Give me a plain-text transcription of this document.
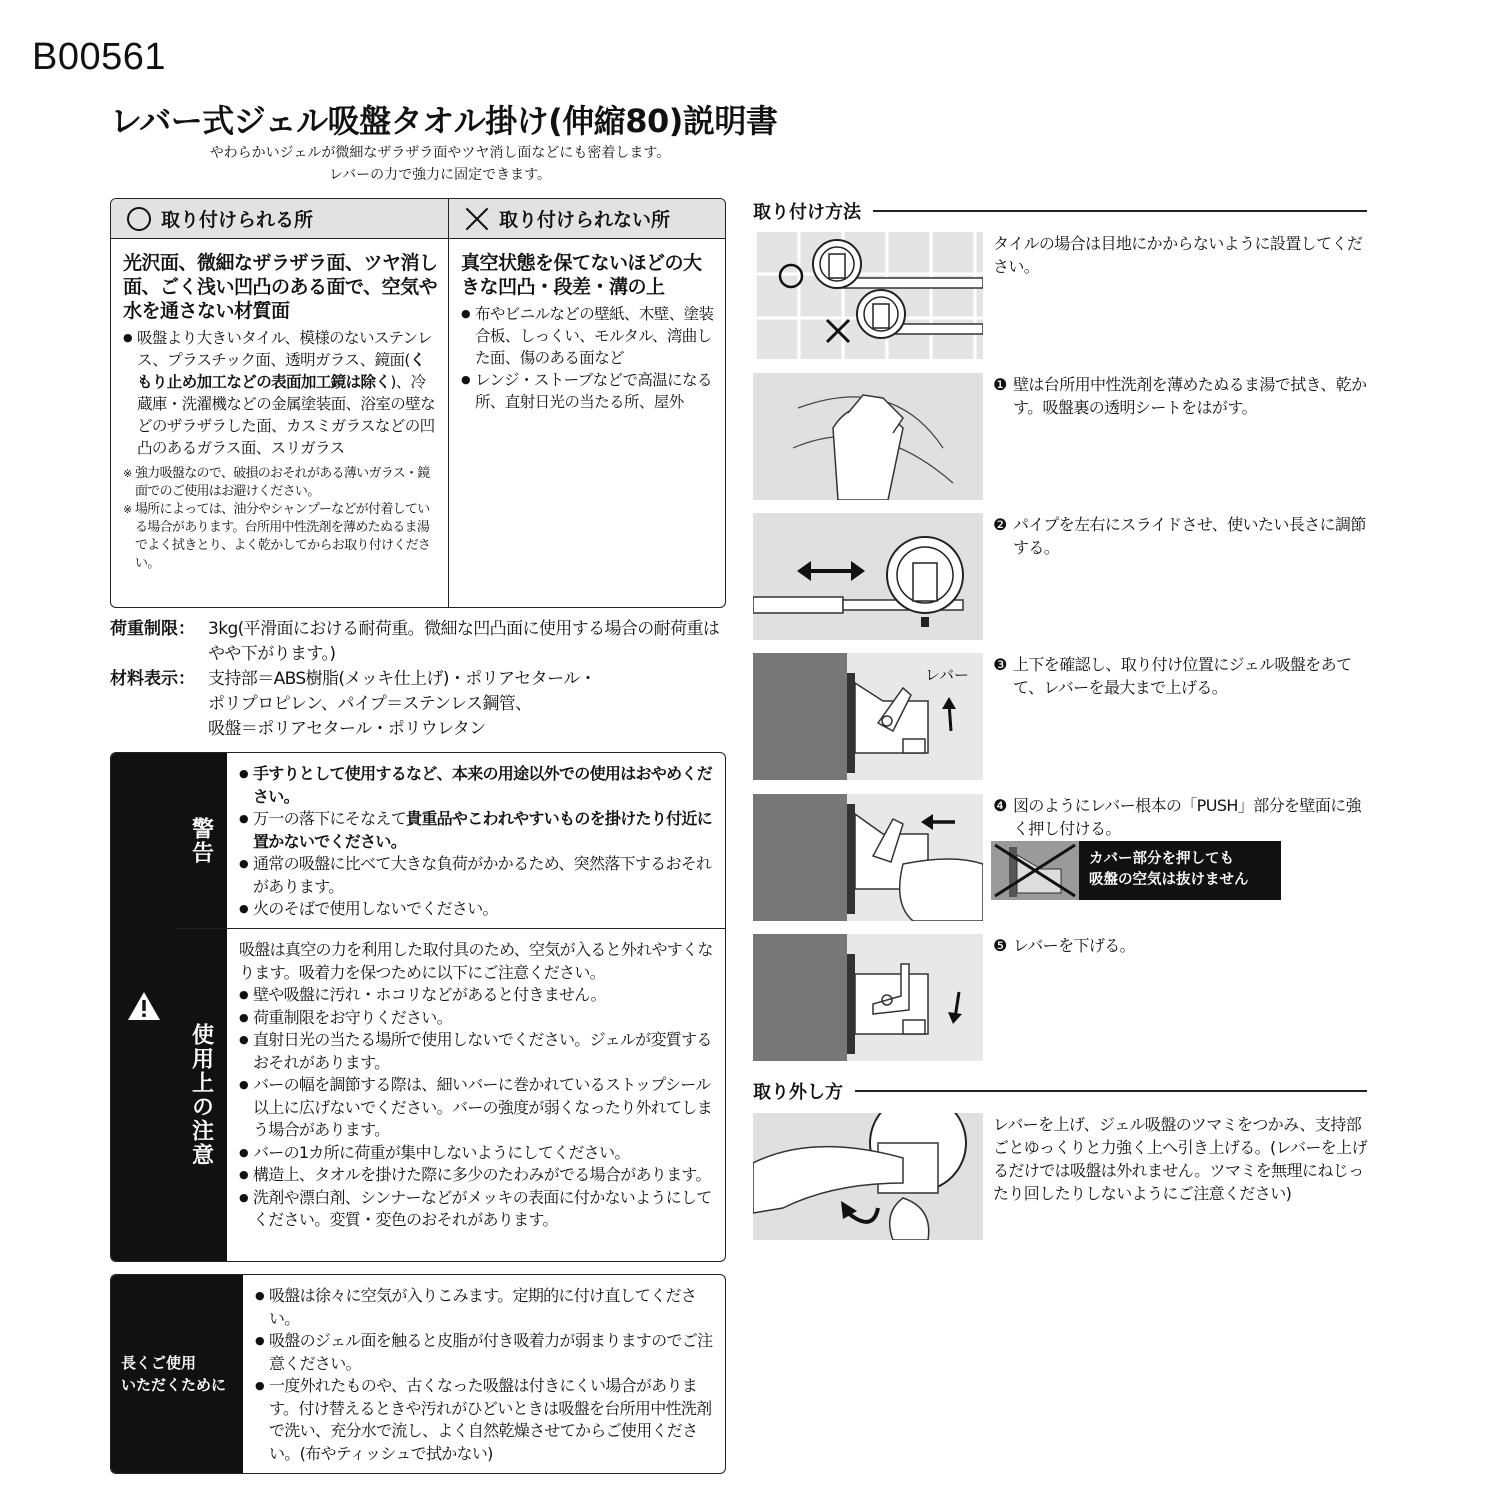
B00561
レバー式ジェル吸盤タオル掛け(伸縮80)説明書
やわらかいジェルが微細なザラザラ面やツヤ消し面などにも密着します。
レバーの力で強力に固定できます。
取り付けられる所
光沢面、微細なザラザラ面、ツヤ消し面、ごく浅い凹凸のある面で、空気や水を通さない材質面
● 吸盤より大きいタイル、模様のないステンレス、プラスチック面、透明ガラス、鏡面(くもり止め加工などの表面加工鏡は除く)、冷蔵庫・洗濯機などの金属塗装面、浴室の壁などのザラザラした面、カスミガラスなどの凹凸のあるガラス面、スリガラス
※ 強力吸盤なので、破損のおそれがある薄いガラス・鏡面でのご使用はお避けください。
※ 場所によっては、油分やシャンプーなどが付着している場合があります。台所用中性洗剤を薄めたぬるま湯でよく拭きとり、よく乾かしてからお取り付けください。
取り付けられない所
真空状態を保てないほどの大きな凹凸・段差・溝の上
● 布やビニルなどの壁紙、木壁、塗装合板、しっくい、モルタル、湾曲した面、傷のある面など
● レンジ・ストーブなどで高温になる所、直射日光の当たる所、屋外
荷重制限： 3kg(平滑面における耐荷重。微細な凹凸面に使用する場合の耐荷重はやや下がります。)
材料表示： 支持部＝ABS樹脂(メッキ仕上げ)・ポリアセタール・
ポリプロピレン、パイプ＝ステンレス鋼管、
吸盤＝ポリアセタール・ポリウレタン
警告
● 手すりとして使用するなど、本来の用途以外での使用はおやめください。
● 万一の落下にそなえて貴重品やこわれやすいものを掛けたり付近に置かないでください。
● 通常の吸盤に比べて大きな負荷がかかるため、突然落下するおそれがあります。
● 火のそばで使用しないでください。
使用上の注意

吸盤は真空の力を利用した取付具のため、空気が入ると外れやすくなります。吸着力を保つために以下にご注意ください。

● 壁や吸盤に汚れ・ホコリなどがあると付きません。
● 荷重制限をお守りください。
● 直射日光の当たる場所で使用しないでください。ジェルが変質するおそれがあります。
● バーの幅を調節する際は、細いバーに巻かれているストップシール以上に広げないでください。バーの強度が弱くなったり外れてしまう場合があります。
● バーの1カ所に荷重が集中しないようにしてください。
● 構造上、タオルを掛けた際に多少のたわみがでる場合があります。
● 洗剤や漂白剤、シンナーなどがメッキの表面に付かないようにしてください。変質・変色のおそれがあります。
長くご使用
いただくために
● 吸盤は徐々に空気が入りこみます。定期的に付け直してください。
● 吸盤のジェル面を触ると皮脂が付き吸着力が弱まりますのでご注意ください。
● 一度外れたものや、古くなった吸盤は付きにくい場合があります。付け替えるときや汚れがひどいときは吸盤を台所用中性洗剤で洗い、充分水で流し、よく自然乾燥させてからご使用ください。(布やティッシュで拭かない)
取り付け方法
タイルの場合は目地にかからないように設置してください。
❶ 壁は台所用中性洗剤を薄めたぬるま湯で拭き、乾かす。吸盤裏の透明シートをはがす。
❷ パイプを左右にスライドさせ、使いたい長さに調節する。
レバー
❸ 上下を確認し、取り付け位置にジェル吸盤をあてて、レバーを最大まで上げる。
❹ 図のようにレバー根本の「PUSH」部分を壁面に強く押し付ける。
カバー部分を押しても
吸盤の空気は抜けません
❺ レバーを下げる。
取り外し方
レバーを上げ、ジェル吸盤のツマミをつかみ、支持部ごとゆっくりと力強く上へ引き上げる。(レバーを上げるだけでは吸盤は外れません。ツマミを無理にねじったり回したりしないようにご注意ください)
